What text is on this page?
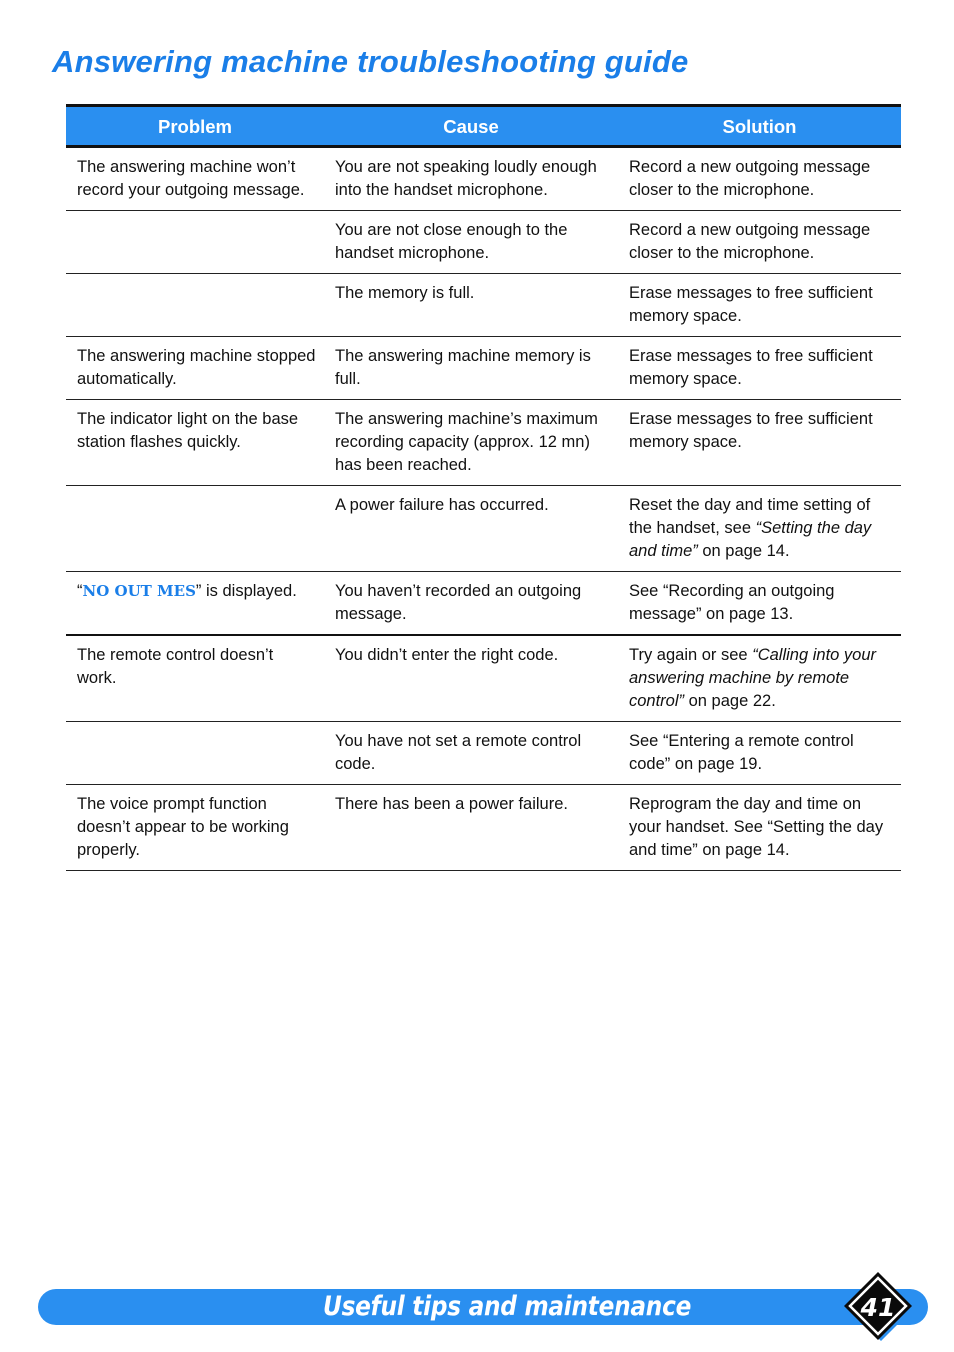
Answering machine troubleshooting guide
Problem	Cause	Solution
The answering machine won’t record your outgoing message.	You are not speaking loudly enough into the handset microphone.	Record a new outgoing message closer to the microphone.
	You are not close enough to the handset microphone.	Record a new outgoing message closer to the microphone.
	The memory is full.	Erase messages to free sufficient memory space.
The answering machine stopped automatically.	The answering machine memory is full.	Erase messages to free sufficient memory space.
The indicator light on the base station flashes quickly.	The answering machine’s maximum recording capacity (approx. 12 mn) has been reached.	Erase messages to free sufficient memory space.
	A power failure has occurred.	Reset the day and time setting of the handset, see “Setting the day and time” on page 14.
“NO OUT MES” is displayed.	You haven’t recorded an outgoing message.	See “Recording an outgoing message” on page 13.
The remote control doesn’t work.	You didn’t enter the right code.	Try again or see “Calling into your answering machine by remote control” on page 22.
	You have not set a remote control code.	See “Entering a remote control code” on page 19.
The voice prompt function doesn’t appear to be working properly.	There has been a power failure.	Reprogram the day and time on your handset. See “Setting the day and time” on page 14.
Useful tips and maintenance	41
